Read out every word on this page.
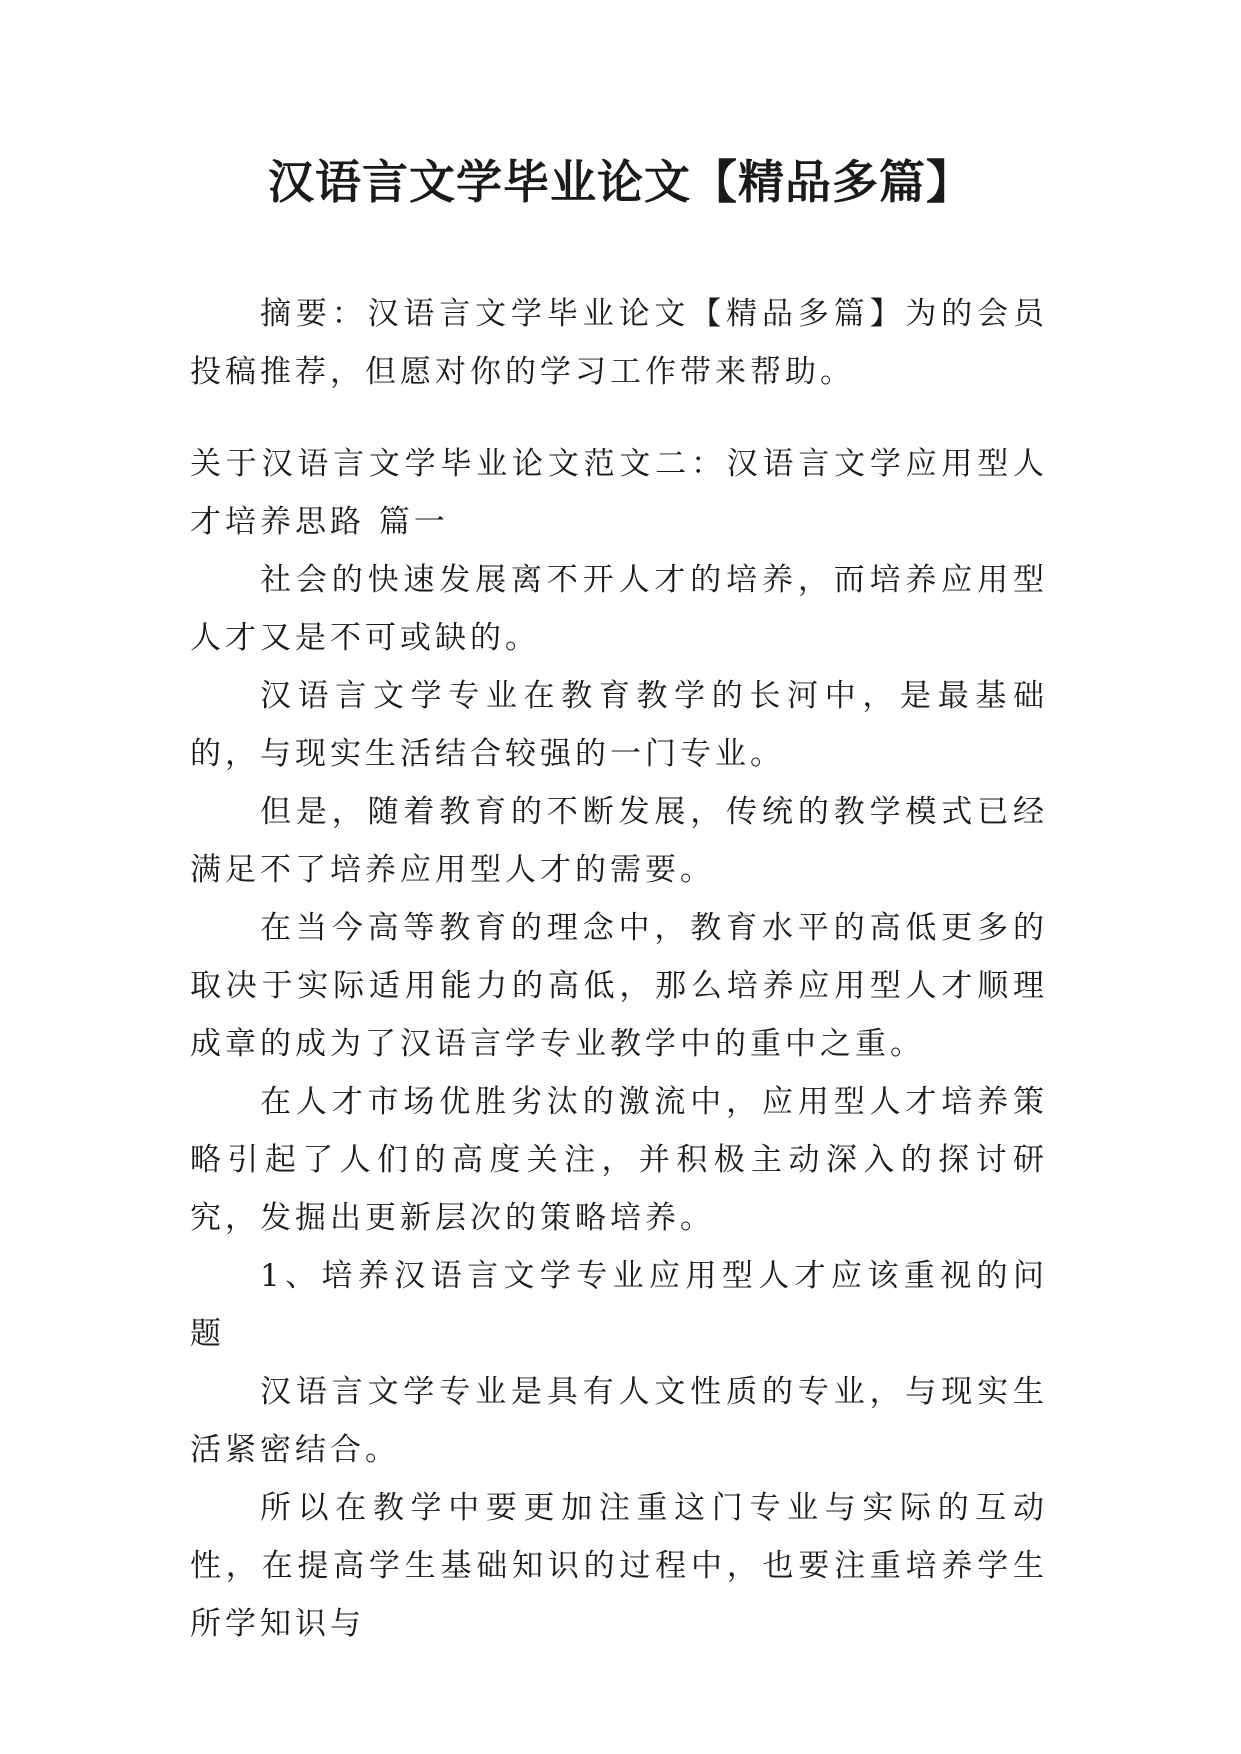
汉语言文学毕业论文【精品多篇】

摘要：汉语言文学毕业论文【精品多篇】为的会员投稿推荐，但愿对你的学习工作带来帮助。

关于汉语言文学毕业论文范文二：汉语言文学应用型人才培养思路 篇一

社会的快速发展离不开人才的培养，而培养应用型人才又是不可或缺的。

汉语言文学专业在教育教学的长河中，是最基础的，与现实生活结合较强的一门专业。

但是，随着教育的不断发展，传统的教学模式已经满足不了培养应用型人才的需要。

在当今高等教育的理念中，教育水平的高低更多的取决于实际适用能力的高低，那么培养应用型人才顺理成章的成为了汉语言学专业教学中的重中之重。

在人才市场优胜劣汰的激流中，应用型人才培养策略引起了人们的高度关注，并积极主动深入的探讨研究，发掘出更新层次的策略培养。

1、培养汉语言文学专业应用型人才应该重视的问题

汉语言文学专业是具有人文性质的专业，与现实生活紧密结合。

所以在教学中要更加注重这门专业与实际的互动性，在提高学生基础知识的过程中，也要注重培养学生所学知识与
